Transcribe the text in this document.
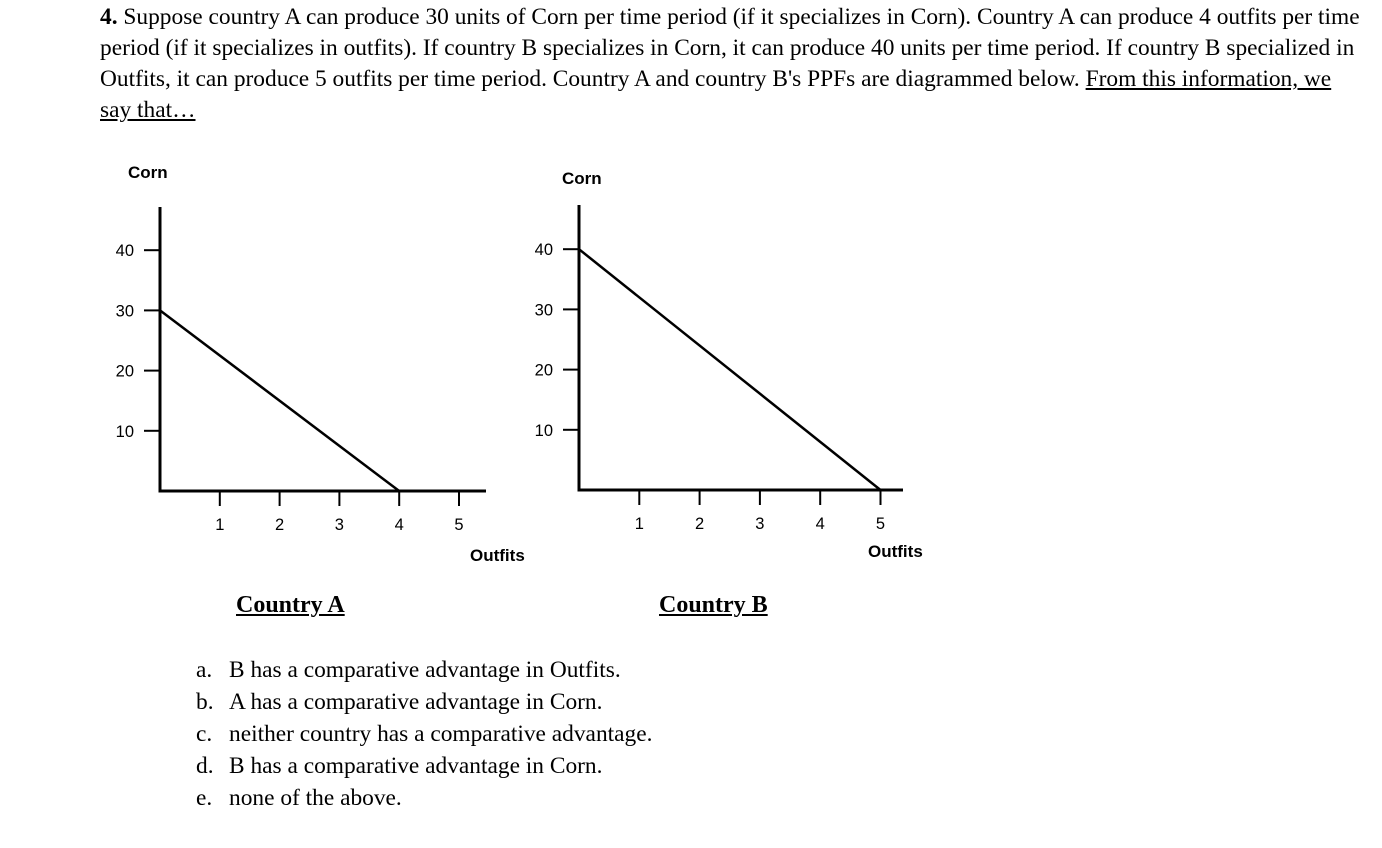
4. Suppose country A can produce 30 units of Corn per time period (if it specializes in Corn). Country A can produce 4 outfits per time period (if it specializes in outfits). If country B specializes in Corn, it can produce 40 units per time period. If country B specialized in Outfits, it can produce 5 outfits per time period. Country A and country B's PPFs are diagrammed below. From this information, we say that…

10
20
30
40
1	2	3	4	5
Corn
Outfits
10
20
30
40
1	2	3	4	5
Corn
Outfits

Country A	Country B

a. B has a comparative advantage in Outfits.
b. A has a comparative advantage in Corn.
c. neither country has a comparative advantage.
d. B has a comparative advantage in Corn.
e. none of the above.
